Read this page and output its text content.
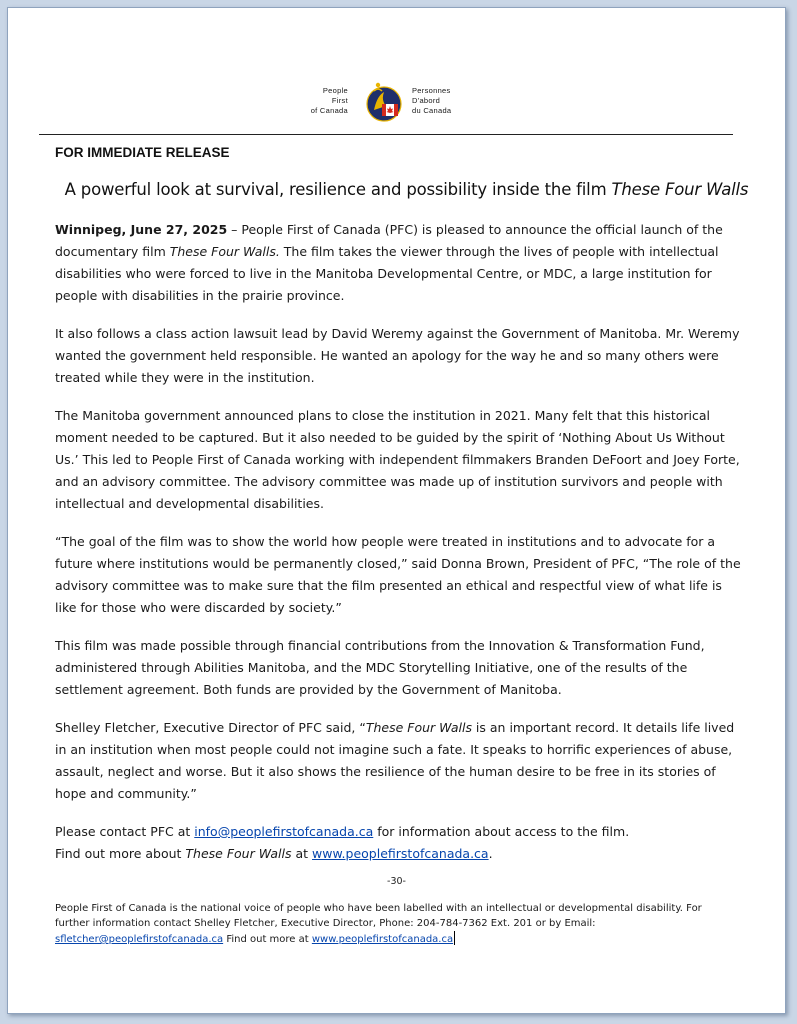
People
First
of Canada
Personnes
D'abord
du Canada
FOR IMMEDIATE RELEASE
A powerful look at survival, resilience and possibility inside the film These Four Walls

Winnipeg, June 27, 2025 – People First of Canada (PFC) is pleased to announce the official launch of the documentary film These Four Walls. The film takes the viewer through the lives of people with intellectual disabilities who were forced to live in the Manitoba Developmental Centre, or MDC, a large institution for people with disabilities in the prairie province.

It also follows a class action lawsuit lead by David Weremy against the Government of Manitoba. Mr. Weremy wanted the government held responsible. He wanted an apology for the way he and so many others were treated while they were in the institution.

The Manitoba government announced plans to close the institution in 2021. Many felt that this historical moment needed to be captured. But it also needed to be guided by the spirit of ‘Nothing About Us Without Us.’ This led to People First of Canada working with independent filmmakers Branden DeFoort and Joey Forte, and an advisory committee. The advisory committee was made up of institution survivors and people with intellectual and developmental disabilities.

“The goal of the film was to show the world how people were treated in institutions and to advocate for a future where institutions would be permanently closed,” said Donna Brown, President of PFC, “The role of the advisory committee was to make sure that the film presented an ethical and respectful view of what life is like for those who were discarded by society.”

This film was made possible through financial contributions from the Innovation & Transformation Fund, administered through Abilities Manitoba, and the MDC Storytelling Initiative, one of the results of the settlement agreement. Both funds are provided by the Government of Manitoba.

Shelley Fletcher, Executive Director of PFC said, “These Four Walls is an important record. It details life lived in an institution when most people could not imagine such a fate. It speaks to horrific experiences of abuse, assault, neglect and worse. But it also shows the resilience of the human desire to be free in its stories of hope and community.”

Please contact PFC at info@peoplefirstofcanada.ca for information about access to the film.

Find out more about These Four Walls at www.peoplefirstofcanada.ca.

-30-
People First of Canada is the national voice of people who have been labelled with an intellectual or developmental disability. For further information contact Shelley Fletcher, Executive Director, Phone: 204-784-7362 Ext. 201 or by Email: sfletcher@peoplefirstofcanada.ca Find out more at www.peoplefirstofcanada.ca
